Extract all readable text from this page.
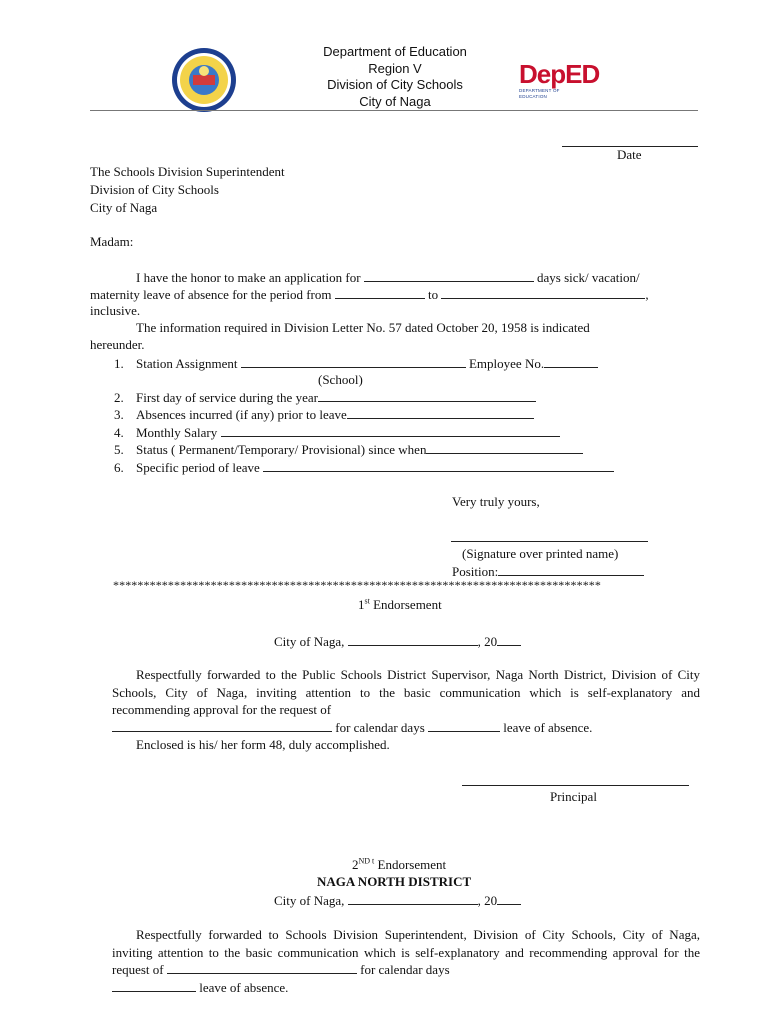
Department of Education
Region V
Division of City Schools
City of Naga
DepED
DEPARTMENT OF EDUCATION
Date
The Schools Division Superintendent
Division of City Schools
City of Naga
Madam:
I have the honor to make an application for	days sick/ vacation/
maternity leave of absence for the period from	to	,
inclusive.
The information required in Division Letter No. 57 dated October 20, 1958 is indicated
hereunder.
1. Station Assignment	Employee No.
(School)
2. First day of service during the year
3. Absences incurred (if any) prior to leave
4. Monthly Salary
5. Status ( Permanent/Temporary/ Provisional) since when
6. Specific period of leave
Very truly yours,
(Signature over printed name)
Position:
********************************************************************************
1st Endorsement
City of Naga,	, 20
Respectfully forwarded to the Public Schools District Supervisor, Naga North District, Division of City Schools, City of Naga, inviting attention to the basic communication which is self-explanatory and recommending approval for the request of
for calendar days	leave of absence.
Enclosed is his/ her form 48, duly accomplished.
Principal
$2^{ND t}$ Endorsement
NAGA NORTH DISTRICT
City of Naga,	, 20
Respectfully forwarded to Schools Division Superintendent, Division of City Schools, City of Naga, inviting attention to the basic communication which is self-explanatory and recommending approval for the request of	for calendar days
leave of absence.
